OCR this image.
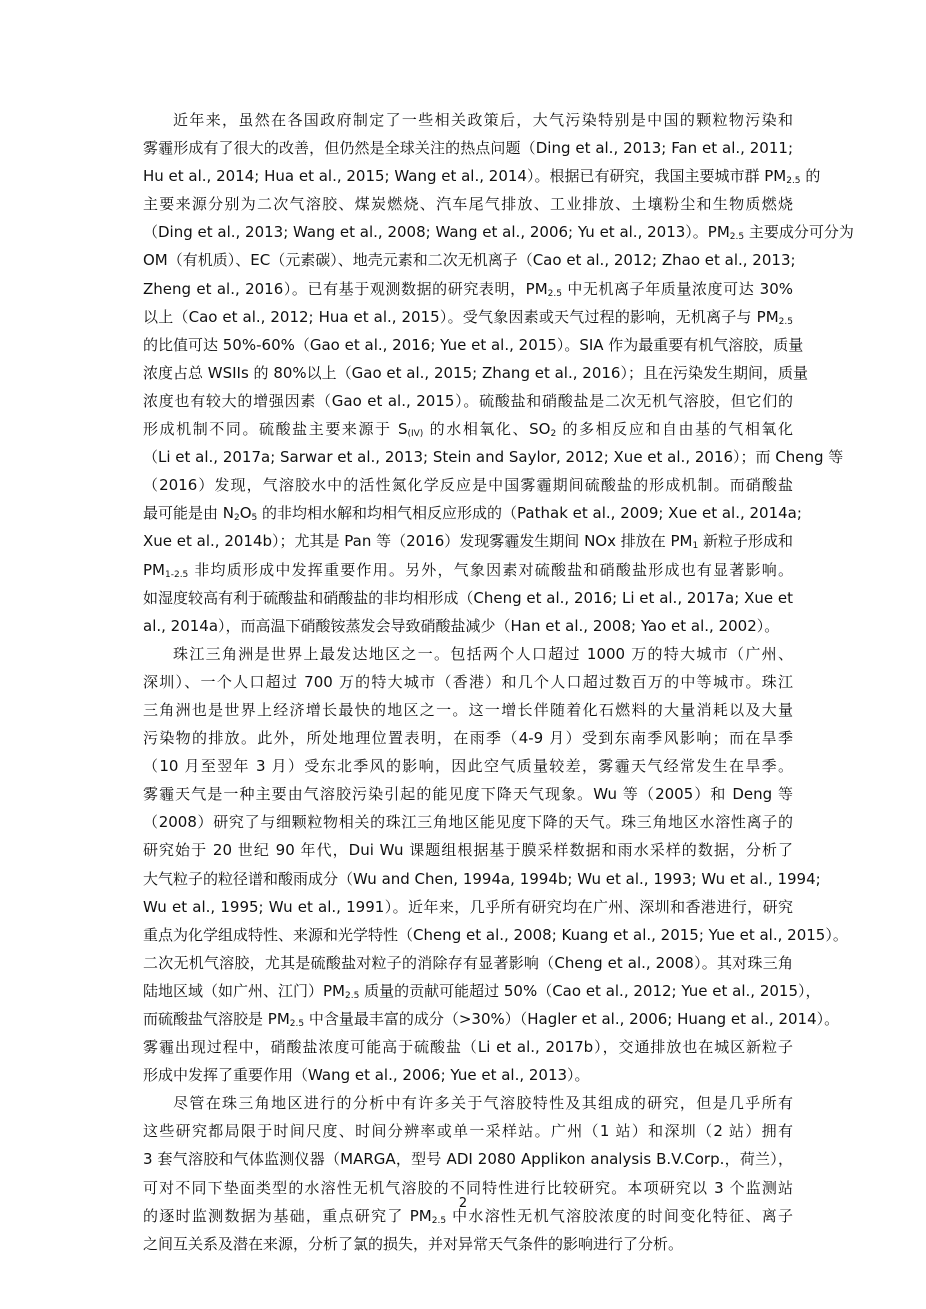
近年来，虽然在各国政府制定了一些相关政策后，大气污染特别是中国的颗粒物污染和
雾霾形成有了很大的改善，但仍然是全球关注的热点问题（Ding et al., 2013; Fan et al., 2011;
Hu et al., 2014; Hua et al., 2015; Wang et al., 2014）。根据已有研究，我国主要城市群 $PM_{2.5}$ 的
主要来源分别为二次气溶胶、煤炭燃烧、汽车尾气排放、工业排放、土壤粉尘和生物质燃烧
（Ding et al., 2013; Wang et al., 2008; Wang et al., 2006; Yu et al., 2013）。$PM_{2.5}$ 主要成分可分为
OM（有机质）、EC（元素碳）、地壳元素和二次无机离子（Cao et al., 2012; Zhao et al., 2013;
Zheng et al., 2016）。已有基于观测数据的研究表明，$PM_{2.5}$ 中无机离子年质量浓度可达 30%
以上（Cao et al., 2012; Hua et al., 2015）。受气象因素或天气过程的影响，无机离子与 $PM_{2.5}$
的比值可达 50%-60%（Gao et al., 2016; Yue et al., 2015）。SIA 作为最重要有机气溶胶，质量
浓度占总 WSIIs 的 80%以上（Gao et al., 2015; Zhang et al., 2016）；且在污染发生期间，质量
浓度也有较大的增强因素（Gao et al., 2015）。硫酸盐和硝酸盐是二次无机气溶胶，但它们的
形成机制不同。硫酸盐主要来源于 $S_{(IV)}$ 的水相氧化、$SO_2$ 的多相反应和自由基的气相氧化
（Li et al., 2017a; Sarwar et al., 2013; Stein and Saylor, 2012; Xue et al., 2016）；而 Cheng 等
（2016）发现，气溶胶水中的活性氮化学反应是中国雾霾期间硫酸盐的形成机制。而硝酸盐
最可能是由 $N_2O_5$ 的非均相水解和均相气相反应形成的（Pathak et al., 2009; Xue et al., 2014a;
Xue et al., 2014b）；尤其是 Pan 等（2016）发现雾霾发生期间 NOx 排放在 $PM_1$ 新粒子形成和
$PM_{1-2.5}$ 非均质形成中发挥重要作用。另外，气象因素对硫酸盐和硝酸盐形成也有显著影响。
如湿度较高有利于硫酸盐和硝酸盐的非均相形成（Cheng et al., 2016; Li et al., 2017a; Xue et
al., 2014a），而高温下硝酸铵蒸发会导致硝酸盐减少（Han et al., 2008; Yao et al., 2002）。
珠江三角洲是世界上最发达地区之一。包括两个人口超过 1000 万的特大城市（广州、
深圳）、一个人口超过 700 万的特大城市（香港）和几个人口超过数百万的中等城市。珠江
三角洲也是世界上经济增长最快的地区之一。这一增长伴随着化石燃料的大量消耗以及大量
污染物的排放。此外，所处地理位置表明，在雨季（4-9 月）受到东南季风影响；而在旱季
（10 月至翌年 3 月）受东北季风的影响，因此空气质量较差，雾霾天气经常发生在旱季。
雾霾天气是一种主要由气溶胶污染引起的能见度下降天气现象。Wu 等（2005）和 Deng 等
（2008）研究了与细颗粒物相关的珠江三角地区能见度下降的天气。珠三角地区水溶性离子的
研究始于 20 世纪 90 年代，Dui Wu 课题组根据基于膜采样数据和雨水采样的数据，分析了
大气粒子的粒径谱和酸雨成分（Wu and Chen, 1994a, 1994b; Wu et al., 1993; Wu et al., 1994;
Wu et al., 1995; Wu et al., 1991）。近年来，几乎所有研究均在广州、深圳和香港进行，研究
重点为化学组成特性、来源和光学特性（Cheng et al., 2008; Kuang et al., 2015; Yue et al., 2015）。
二次无机气溶胶，尤其是硫酸盐对粒子的消除存有显著影响（Cheng et al., 2008）。其对珠三角
陆地区域（如广州、江门）$PM_{2.5}$ 质量的贡献可能超过 50%（Cao et al., 2012; Yue et al., 2015），
而硫酸盐气溶胶是 $PM_{2.5}$ 中含量最丰富的成分（>30%）（Hagler et al., 2006; Huang et al., 2014）。
雾霾出现过程中，硝酸盐浓度可能高于硫酸盐（Li et al., 2017b），交通排放也在城区新粒子
形成中发挥了重要作用（Wang et al., 2006; Yue et al., 2013）。
尽管在珠三角地区进行的分析中有许多关于气溶胶特性及其组成的研究，但是几乎所有
这些研究都局限于时间尺度、时间分辨率或单一采样站。广州（1 站）和深圳（2 站）拥有
3 套气溶胶和气体监测仪器（MARGA，型号 ADI 2080 Applikon analysis B.V.Corp.，荷兰），
可对不同下垫面类型的水溶性无机气溶胶的不同特性进行比较研究。本项研究以 3 个监测站
的逐时监测数据为基础，重点研究了 $PM_{2.5}$ 中水溶性无机气溶胶浓度的时间变化特征、离子
之间互关系及潜在来源，分析了氯的损失，并对异常天气条件的影响进行了分析。
2
